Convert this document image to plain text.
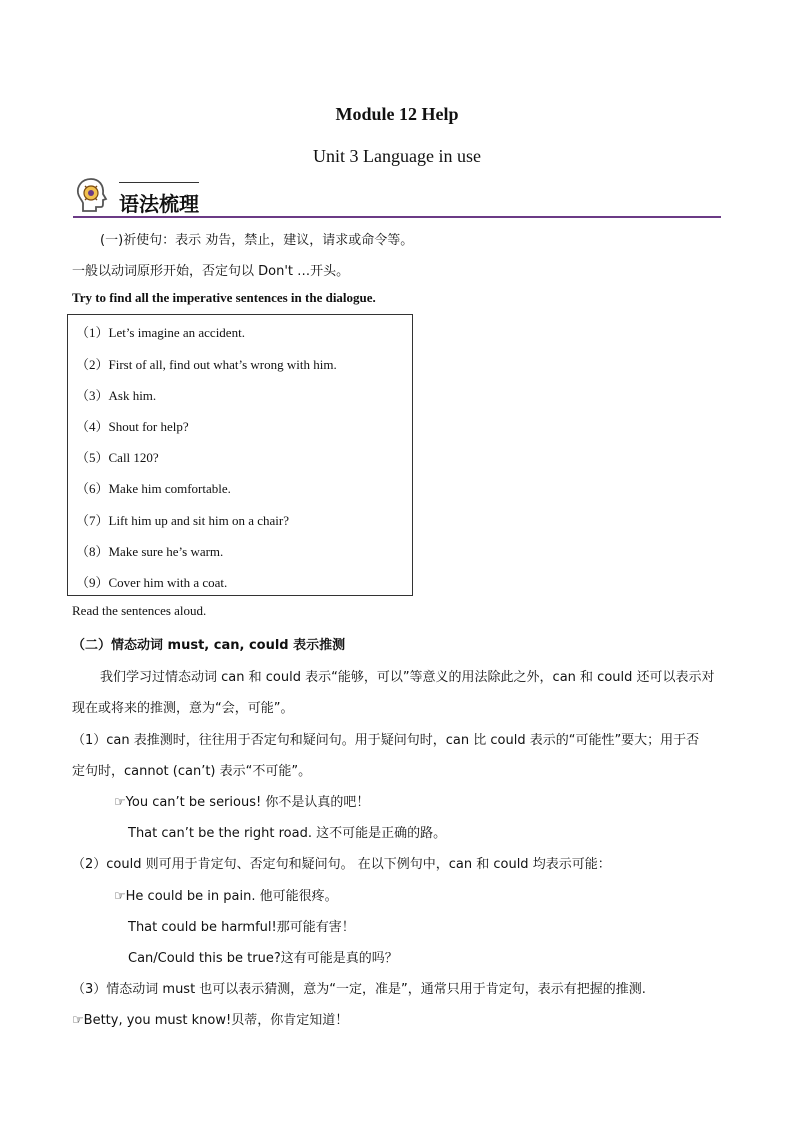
Module 12 Help
Unit 3 Language in use
语法梳理
(一)祈使句：表示 劝告，禁止，建议，请求或命令等。
一般以动词原形开始，否定句以 Don't …开头。
Try to find all the imperative sentences in the dialogue.
（1）Let’s imagine an accident.
（2）First of all, find out what’s wrong with him.
（3）Ask him.
（4）Shout for help?
（5）Call 120?
（6）Make him comfortable.
（7）Lift him up and sit him on a chair?
（8）Make sure he’s warm.
（9）Cover him with a coat.
Read the sentences aloud.
（二）情态动词 must, can, could 表示推测
我们学习过情态动词 can 和 could 表示“能够，可以”等意义的用法除此之外，can 和 could 还可以表示对
现在或将来的推测，意为“会，可能”。
（1）can 表推测时，往往用于否定句和疑问句。用于疑问句时，can 比 could 表示的“可能性”要大；用于否
定句时，cannot (can’t) 表示“不可能”。
☞You can’t be serious! 你不是认真的吧！
That can’t be the right road. 这不可能是正确的路。
（2）could 则可用于肯定句、否定句和疑问句。 在以下例句中，can 和 could 均表示可能：
☞He could be in pain. 他可能很疼。
That could be harmful!那可能有害！
Can/Could this be true?这有可能是真的吗？
（3）情态动词 must 也可以表示猜测，意为“一定，准是”，通常只用于肯定句，表示有把握的推测.
☞Betty, you must know!贝蒂，你肯定知道！
